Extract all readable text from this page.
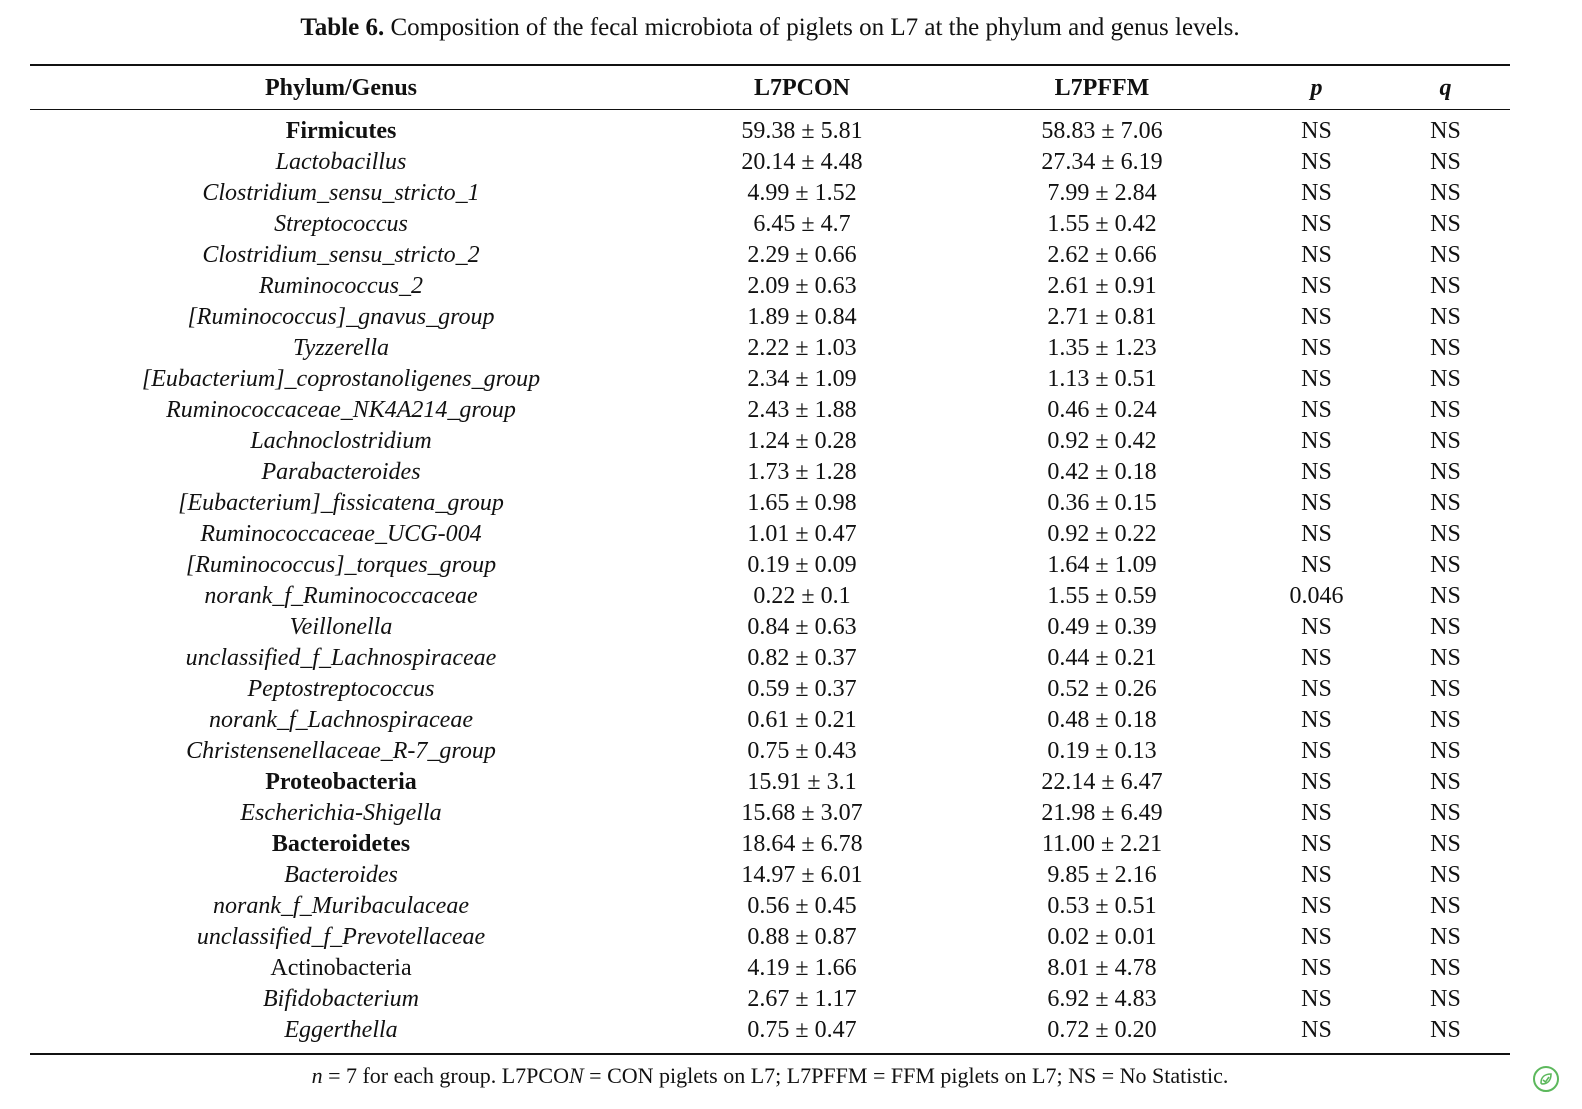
Table 6. Composition of the fecal microbiota of piglets on L7 at the phylum and genus levels.
Phylum/Genus	L7PCON	L7PFFM	p	q
Firmicutes	59.38 ± 5.81	58.83 ± 7.06	NS	NS
Lactobacillus	20.14 ± 4.48	27.34 ± 6.19	NS	NS
Clostridium_sensu_stricto_1	4.99 ± 1.52	7.99 ± 2.84	NS	NS
Streptococcus	6.45 ± 4.7	1.55 ± 0.42	NS	NS
Clostridium_sensu_stricto_2	2.29 ± 0.66	2.62 ± 0.66	NS	NS
Ruminococcus_2	2.09 ± 0.63	2.61 ± 0.91	NS	NS
[Ruminococcus]_gnavus_group	1.89 ± 0.84	2.71 ± 0.81	NS	NS
Tyzzerella	2.22 ± 1.03	1.35 ± 1.23	NS	NS
[Eubacterium]_coprostanoligenes_group	2.34 ± 1.09	1.13 ± 0.51	NS	NS
Ruminococcaceae_NK4A214_group	2.43 ± 1.88	0.46 ± 0.24	NS	NS
Lachnoclostridium	1.24 ± 0.28	0.92 ± 0.42	NS	NS
Parabacteroides	1.73 ± 1.28	0.42 ± 0.18	NS	NS
[Eubacterium]_fissicatena_group	1.65 ± 0.98	0.36 ± 0.15	NS	NS
Ruminococcaceae_UCG-004	1.01 ± 0.47	0.92 ± 0.22	NS	NS
[Ruminococcus]_torques_group	0.19 ± 0.09	1.64 ± 1.09	NS	NS
norank_f_Ruminococcaceae	0.22 ± 0.1	1.55 ± 0.59	0.046	NS
Veillonella	0.84 ± 0.63	0.49 ± 0.39	NS	NS
unclassified_f_Lachnospiraceae	0.82 ± 0.37	0.44 ± 0.21	NS	NS
Peptostreptococcus	0.59 ± 0.37	0.52 ± 0.26	NS	NS
norank_f_Lachnospiraceae	0.61 ± 0.21	0.48 ± 0.18	NS	NS
Christensenellaceae_R-7_group	0.75 ± 0.43	0.19 ± 0.13	NS	NS
Proteobacteria	15.91 ± 3.1	22.14 ± 6.47	NS	NS
Escherichia-Shigella	15.68 ± 3.07	21.98 ± 6.49	NS	NS
Bacteroidetes	18.64 ± 6.78	11.00 ± 2.21	NS	NS
Bacteroides	14.97 ± 6.01	9.85 ± 2.16	NS	NS
norank_f_Muribaculaceae	0.56 ± 0.45	0.53 ± 0.51	NS	NS
unclassified_f_Prevotellaceae	0.88 ± 0.87	0.02 ± 0.01	NS	NS
Actinobacteria	4.19 ± 1.66	8.01 ± 4.78	NS	NS
Bifidobacterium	2.67 ± 1.17	6.92 ± 4.83	NS	NS
Eggerthella	0.75 ± 0.47	0.72 ± 0.20	NS	NS
n = 7 for each group. L7PCON = CON piglets on L7; L7PFFM = FFM piglets on L7; NS = No Statistic.
